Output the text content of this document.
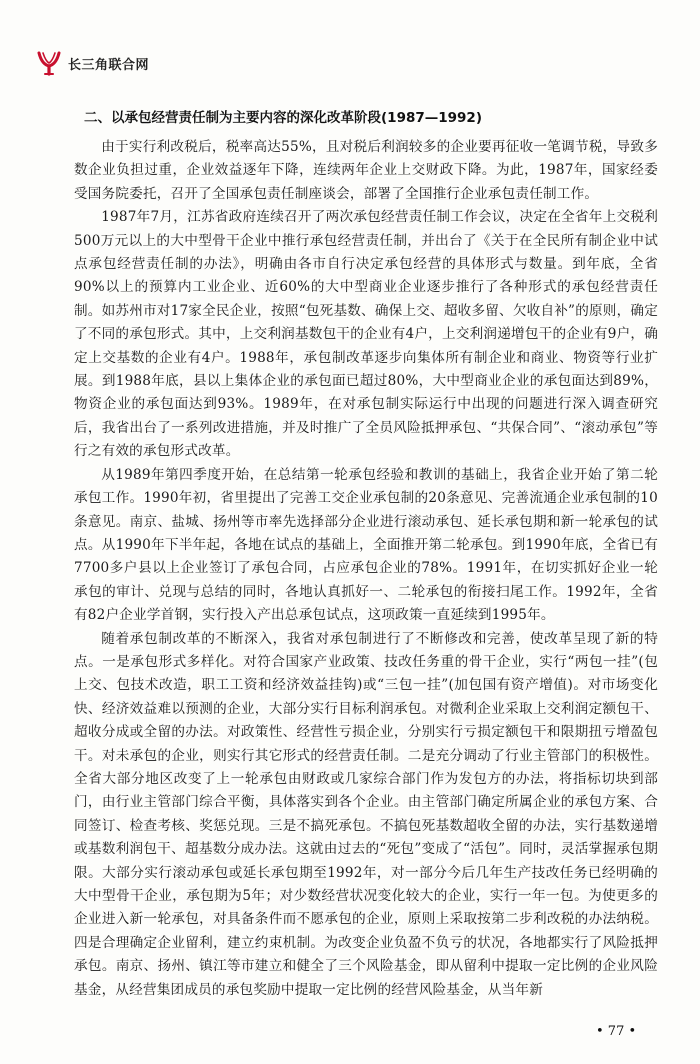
长三角联合网
二、以承包经营责任制为主要内容的深化改革阶段(1987—1992)

由于实行利改税后，税率高达55%，且对税后利润较多的企业要再征收一笔调节税，导致多数企业负担过重，企业效益逐年下降，连续两年企业上交财政下降。为此，1987年，国家经委受国务院委托，召开了全国承包责任制座谈会，部署了全国推行企业承包责任制工作。

1987年7月，江苏省政府连续召开了两次承包经营责任制工作会议，决定在全省年上交税利500万元以上的大中型骨干企业中推行承包经营责任制，并出台了《关于在全民所有制企业中试点承包经营责任制的办法》，明确由各市自行决定承包经营的具体形式与数量。到年底，全省90%以上的预算内工业企业、近60%的大中型商业企业逐步推行了各种形式的承包经营责任制。如苏州市对17家全民企业，按照“包死基数、确保上交、超收多留、欠收自补”的原则，确定了不同的承包形式。其中，上交利润基数包干的企业有4户，上交利润递增包干的企业有9户，确定上交基数的企业有4户。1988年，承包制改革逐步向集体所有制企业和商业、物资等行业扩展。到1988年底，县以上集体企业的承包面已超过80%，大中型商业企业的承包面达到89%，物资企业的承包面达到93%。1989年，在对承包制实际运行中出现的问题进行深入调查研究后，我省出台了一系列改进措施，并及时推广了全员风险抵押承包、“共保合同”、“滚动承包”等行之有效的承包形式改革。

从1989年第四季度开始，在总结第一轮承包经验和教训的基础上，我省企业开始了第二轮承包工作。1990年初，省里提出了完善工交企业承包制的20条意见、完善流通企业承包制的10条意见。南京、盐城、扬州等市率先选择部分企业进行滚动承包、延长承包期和新一轮承包的试点。从1990年下半年起，各地在试点的基础上，全面推开第二轮承包。到1990年底，全省已有7700多户县以上企业签订了承包合同，占应承包企业的78%。1991年，在切实抓好企业一轮承包的审计、兑现与总结的同时，各地认真抓好一、二轮承包的衔接扫尾工作。1992年，全省有82户企业学首钢，实行投入产出总承包试点，这项政策一直延续到1995年。

随着承包制改革的不断深入，我省对承包制进行了不断修改和完善，使改革呈现了新的特点。一是承包形式多样化。对符合国家产业政策、技改任务重的骨干企业，实行“两包一挂”(包上交、包技术改造，职工工资和经济效益挂钩)或“三包一挂”(加包国有资产增值)。对市场变化快、经济效益难以预测的企业，大部分实行目标利润承包。对微利企业采取上交利润定额包干、超收分成或全留的办法。对政策性、经营性亏损企业，分别实行亏损定额包干和限期扭亏增盈包干。对未承包的企业，则实行其它形式的经营责任制。二是充分调动了行业主管部门的积极性。全省大部分地区改变了上一轮承包由财政或几家综合部门作为发包方的办法，将指标切块到部门，由行业主管部门综合平衡，具体落实到各个企业。由主管部门确定所属企业的承包方案、合同签订、检查考核、奖惩兑现。三是不搞死承包。不搞包死基数超收全留的办法，实行基数递增或基数利润包干、超基数分成办法。这就由过去的“死包”变成了“活包”。同时，灵活掌握承包期限。大部分实行滚动承包或延长承包期至1992年，对一部分今后几年生产技改任务已经明确的大中型骨干企业，承包期为5年；对少数经营状况变化较大的企业，实行一年一包。为使更多的企业进入新一轮承包，对具备条件而不愿承包的企业，原则上采取按第二步利改税的办法纳税。四是合理确定企业留利，建立约束机制。为改变企业负盈不负亏的状况，各地都实行了风险抵押承包。南京、扬州、镇江等市建立和健全了三个风险基金，即从留利中提取一定比例的企业风险基金，从经营集团成员的承包奖励中提取一定比例的经营风险基金，从当年新

• 77 •
